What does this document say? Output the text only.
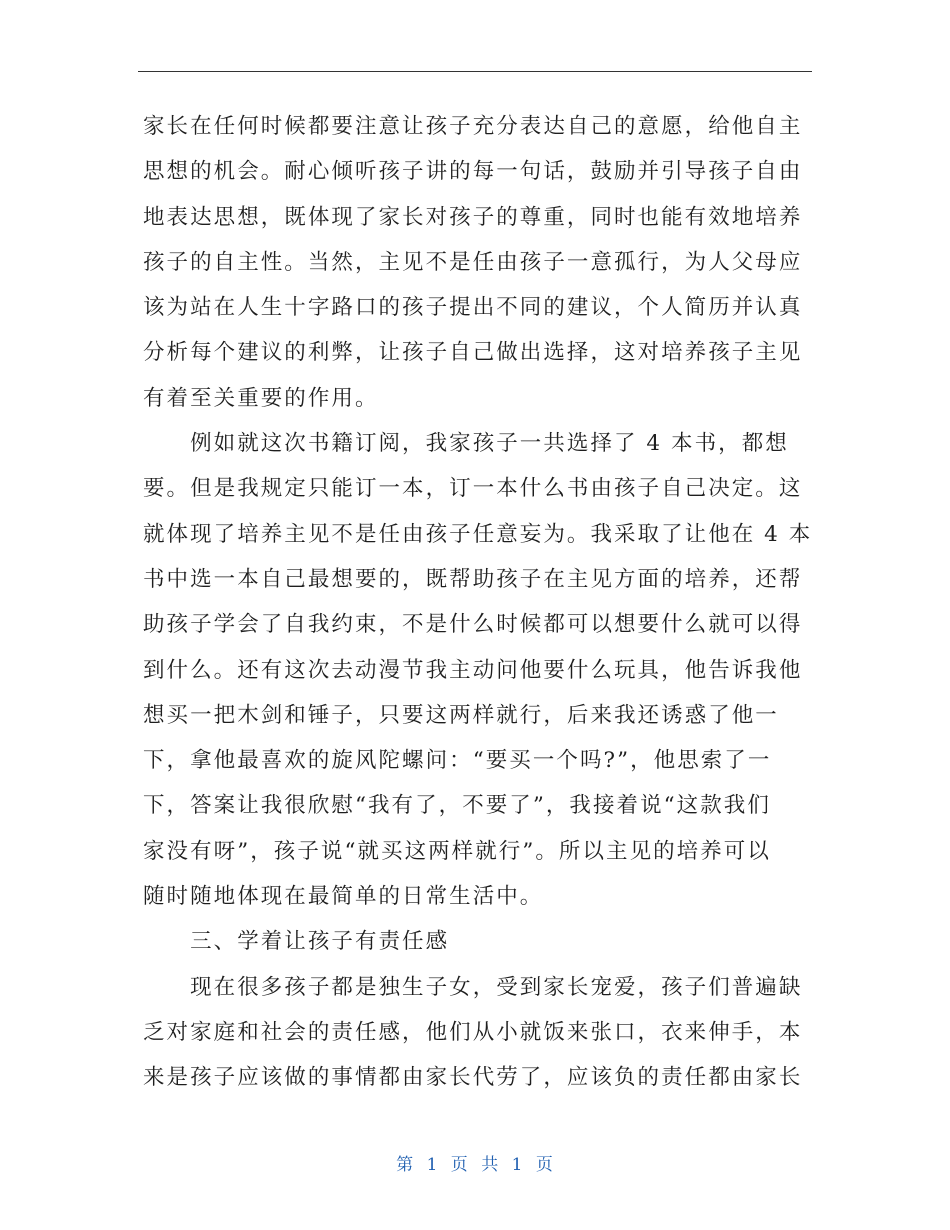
家长在任何时候都要注意让孩子充分表达自己的意愿，给他自主
思想的机会。耐心倾听孩子讲的每一句话，鼓励并引导孩子自由
地表达思想，既体现了家长对孩子的尊重，同时也能有效地培养
孩子的自主性。当然，主见不是任由孩子一意孤行，为人父母应
该为站在人生十字路口的孩子提出不同的建议，个人简历并认真
分析每个建议的利弊，让孩子自己做出选择，这对培养孩子主见
有着至关重要的作用。
　　例如就这次书籍订阅，我家孩子一共选择了 4 本书，都想
要。但是我规定只能订一本，订一本什么书由孩子自己决定。这
就体现了培养主见不是任由孩子任意妄为。我采取了让他在 4 本
书中选一本自己最想要的，既帮助孩子在主见方面的培养，还帮
助孩子学会了自我约束，不是什么时候都可以想要什么就可以得
到什么。还有这次去动漫节我主动问他要什么玩具，他告诉我他
想买一把木剑和锤子，只要这两样就行，后来我还诱惑了他一
下，拿他最喜欢的旋风陀螺问：“要买一个吗?”，他思索了一
下，答案让我很欣慰“我有了，不要了”，我接着说“这款我们
家没有呀”，孩子说“就买这两样就行”。所以主见的培养可以
随时随地体现在最简单的日常生活中。
　　三、学着让孩子有责任感
　　现在很多孩子都是独生子女，受到家长宠爱，孩子们普遍缺
乏对家庭和社会的责任感，他们从小就饭来张口，衣来伸手，本
来是孩子应该做的事情都由家长代劳了，应该负的责任都由家长
第 1 页 共 1 页
